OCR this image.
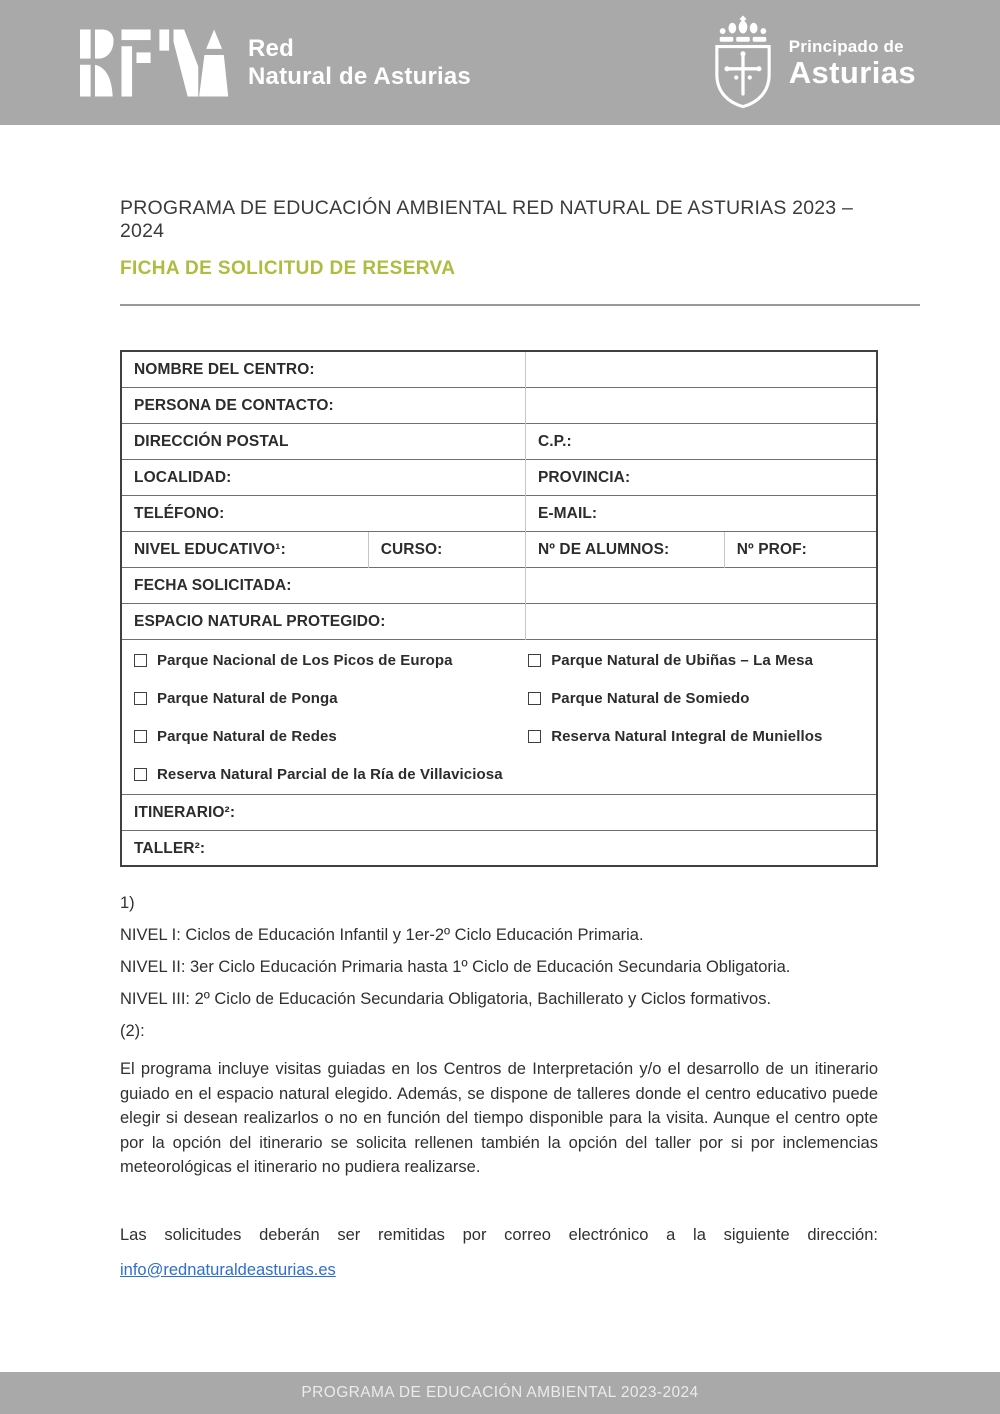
Red
Natural de Asturias
Principado de
Asturias
PROGRAMA DE EDUCACIÓN AMBIENTAL RED NATURAL DE ASTURIAS 2023 – 2024
FICHA DE SOLICITUD DE RESERVA
NOMBRE DEL CENTRO:			
PERSONA DE CONTACTO:			
DIRECCIÓN POSTAL		C.P.:	
LOCALIDAD:		PROVINCIA:	
TELÉFONO:		E-MAIL:	
NIVEL EDUCATIVO¹:	CURSO:	Nº DE ALUMNOS:	Nº PROF:
FECHA SOLICITADA:			
ESPACIO NATURAL PROTEGIDO:			

Parque Nacional de Los Picos de Europa	Parque Natural de Ubiñas – La Mesa
Parque Natural de Ponga	Parque Natural de Somiedo
Parque Natural de Redes	Reserva Natural Integral de Muniellos
Reserva Natural Parcial de la Ría de Villaviciosa

ITINERARIO²:			
TALLER²:			
1)
NIVEL I: Ciclos de Educación Infantil y 1er-2º Ciclo Educación Primaria.
NIVEL II: 3er Ciclo Educación Primaria hasta 1º Ciclo de Educación Secundaria Obligatoria.
NIVEL III: 2º Ciclo de Educación Secundaria Obligatoria, Bachillerato y Ciclos formativos.
(2):

El programa incluye visitas guiadas en los Centros de Interpretación y/o el desarrollo de un itinerario guiado en el espacio natural elegido. Además, se dispone de talleres donde el centro educativo puede elegir si desean realizarlos o no en función del tiempo disponible para la visita. Aunque el centro opte por la opción del itinerario se solicita rellenen también la opción del taller por si por inclemencias meteorológicas el itinerario no pudiera realizarse.

Las solicitudes deberán ser remitidas por correo electrónico a la siguiente dirección:

info@rednaturaldeasturias.es
PROGRAMA DE EDUCACIÓN AMBIENTAL 2023-2024
